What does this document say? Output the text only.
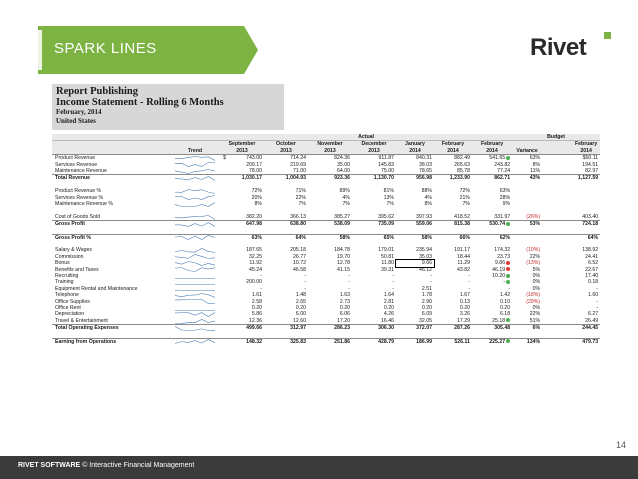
SPARK LINES	Rivet
Report Publishing
Income Statement - Rolling 6 Months
February, 2014
United States
		Actual											Budget			
		September		October		November		December		January	February	February			February	
	Trend	2013		2013		2013		2013		2014	2014	2014	Variance		2014	
Product Revenue		$	743.00		714.24		824.36		911.87	840.31	882.49	541.65	63%		$50.11	
Services Revenue			209.17		219.69		35.00		145.83	38.03	265.63	243.82	8%		194.51	
Maintenance Revenue			78.00		71.00		64.00		75.00	78.65	85.78	77.24	11%		82.97	
Total Revenue			1,030.17		1,004.93		923.36		1,130.70	956.98	1,233.90	862.71	43%		1,127.59	

Product Revenue %			72%		71%		89%		81%	88%	72%	63%				
Services Revenue %			20%		22%		4%		13%	4%	21%	28%				
Maintenance Revenue %			8%		7%		7%		7%	8%	7%	9%				

Cost of Goods Sold			382.20		366.13		385.27		395.62	397.93	418.52	331.97	(26%)		403.40	
Gross Profit			647.98		638.80		538.09		735.09	559.06	815.38	530.74	53%		724.18	

Gross Profit %			63%		64%		58%		65%	58%	66%	62%			64%	

Salary & Wages			187.65		205.18		184.78		179.01	235.94	191.17	174.32	(10%)		138.92	
Commission			32.25		26.77		19.70		50.81	35.03	18.44	23.73	22%		24.41	
Bonus			11.92		10.72		12.78		11.80	9.66	11.29	9.86	(13%)		6.52	
Benefits and Taxes			45.24		46.58		41.15		39.31	46.12	43.82	46.19	5%		22.67	
Recruiting			-		-		-		-	-	-	10.20	0%		17.40	
Training			200.00		-		-		-	-	-	-	0%		0.18	
Equipment Rental and Maintenance			-		-		-		-	2.51	-	-	0%		-	
Telephone			1.61		1.48		1.63		1.64	1.78	1.67	1.42	(18%)		1.60	
Office Supplies			2.58		2.65		2.73		2.81	2.90	0.13	0.10	(29%)		-	
Office Rent			0.20		0.20		0.20		0.20	0.20	0.20	0.20	0%		-	
Depreciation			5.86		6.00		6.06		4.26	6.09	3.26	6.18	22%		6.27	
Travel & Entertainment			12.36		12.60		17.20		16.46	32.05	17.29	25.18	51%		26.49	
Total Operating Expenses			499.66		312.97		286.23		306.30	372.07	287.26	305.48	6%		244.45	

Earning from Operations			148.32		325.83		251.86		428.79	186.99	526.11	225.27	134%		479.73	
14
RIVET SOFTWARE © Interactive Financial Management
